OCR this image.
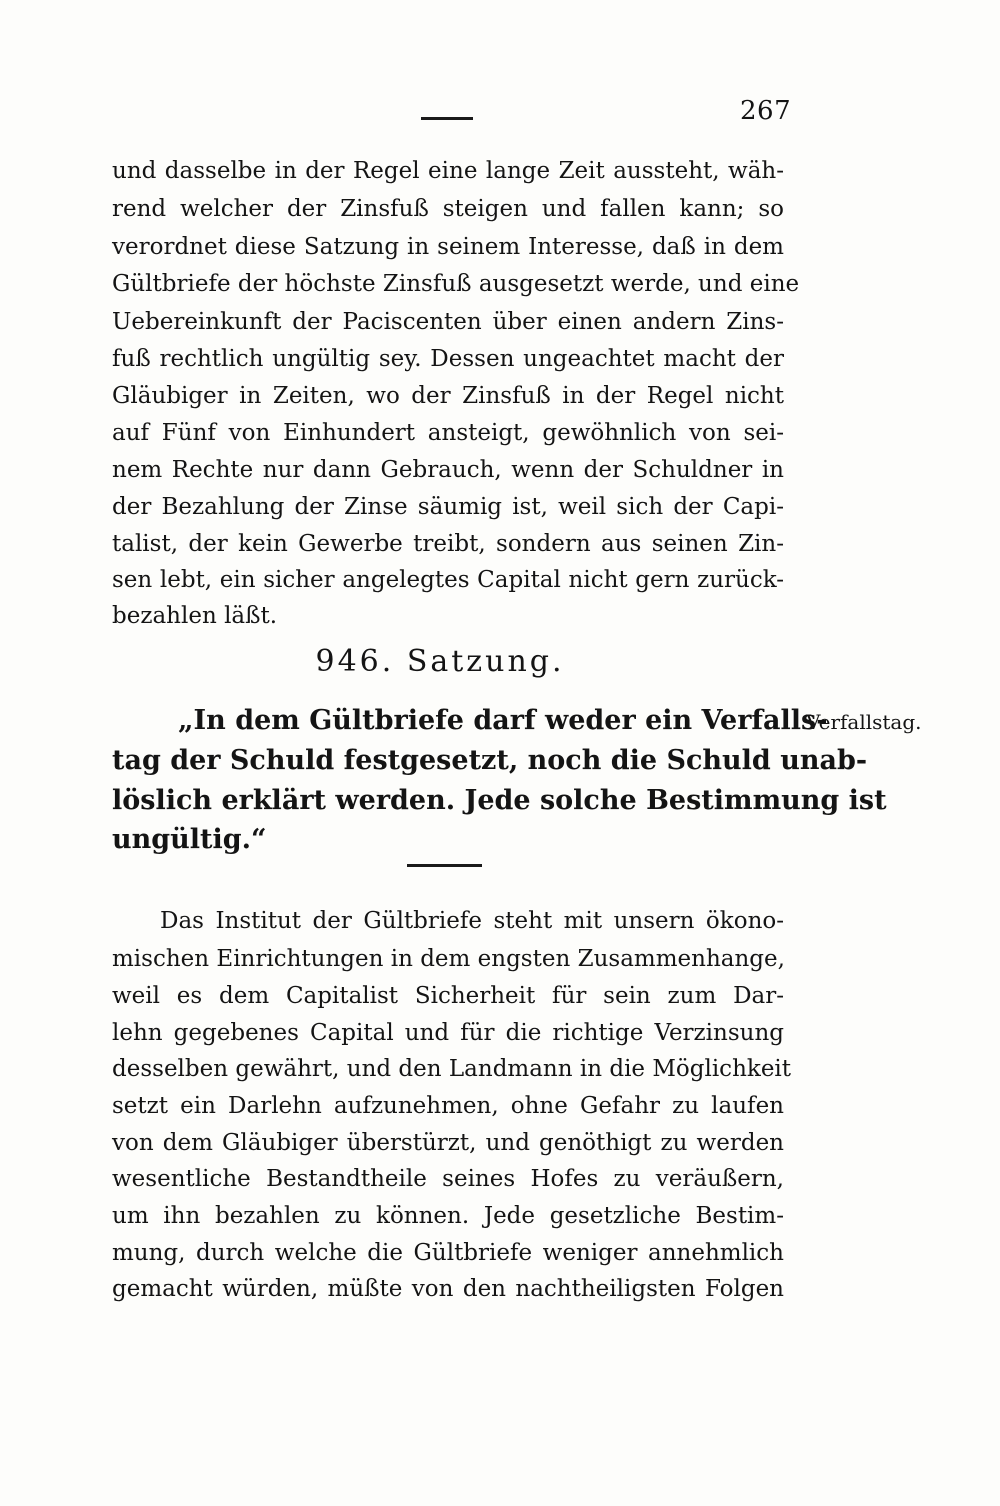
267
und dasselbe in der Regel eine lange Zeit aussteht, wäh-
rend welcher der Zinsfuß steigen und fallen kann; so
verordnet diese Satzung in seinem Interesse, daß in dem
Gültbriefe der höchste Zinsfuß ausgesetzt werde, und eine
Uebereinkunft der Paciscenten über einen andern Zins-
fuß rechtlich ungültig sey. Dessen ungeachtet macht der
Gläubiger in Zeiten, wo der Zinsfuß in der Regel nicht
auf Fünf von Einhundert ansteigt, gewöhnlich von sei-
nem Rechte nur dann Gebrauch, wenn der Schuldner in
der Bezahlung der Zinse säumig ist, weil sich der Capi-
talist, der kein Gewerbe treibt, sondern aus seinen Zin-
sen lebt, ein sicher angelegtes Capital nicht gern zurück-
bezahlen läßt.
946. Satzung.
„In dem Gültbriefe darf weder ein Verfalls-
tag der Schuld festgesetzt, noch die Schuld unab-
löslich erklärt werden. Jede solche Bestimmung ist
ungültig.“
Verfallstag.
Das Institut der Gültbriefe steht mit unsern ökono-
mischen Einrichtungen in dem engsten Zusammenhange,
weil es dem Capitalist Sicherheit für sein zum Dar-
lehn gegebenes Capital und für die richtige Verzinsung
desselben gewährt, und den Landmann in die Möglichkeit
setzt ein Darlehn aufzunehmen, ohne Gefahr zu laufen
von dem Gläubiger überstürzt, und genöthigt zu werden
wesentliche Bestandtheile seines Hofes zu veräußern,
um ihn bezahlen zu können. Jede gesetzliche Bestim-
mung, durch welche die Gültbriefe weniger annehmlich
gemacht würden, müßte von den nachtheiligsten Folgen
